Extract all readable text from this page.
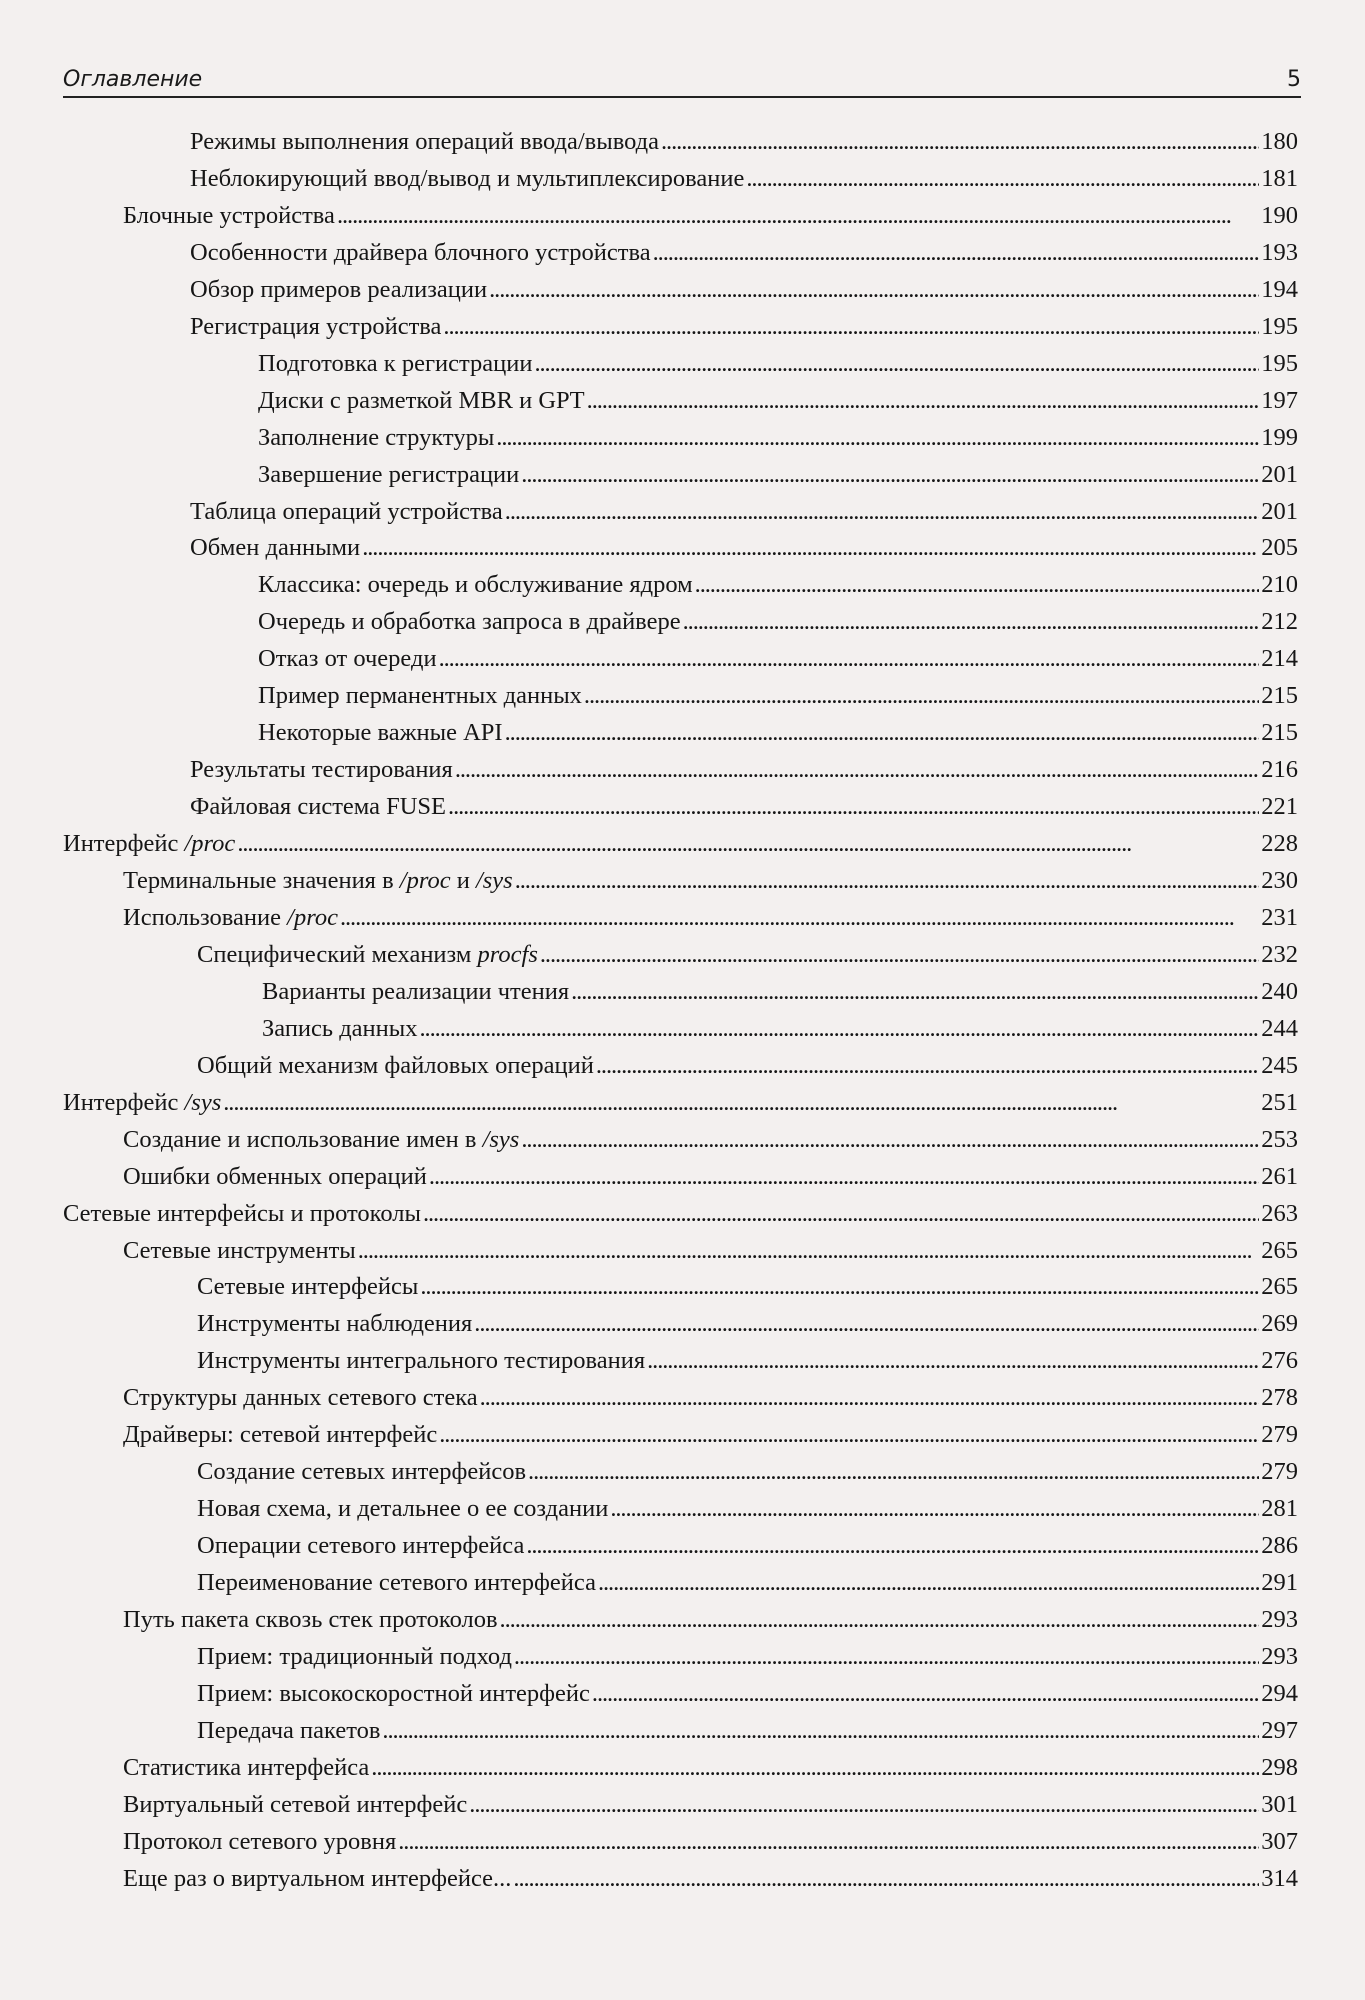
Оглавление	5
Режимы выполнения операций ввода/вывода . . .	180
Неблокирующий ввод/вывод и мультиплексирование . . .	181
Блочные устройства . . .	190
Особенности драйвера блочного устройства . . .	193
Обзор примеров реализации . . .	194
Регистрация устройства . . .	195
Подготовка к регистрации . . .	195
Диски с разметкой MBR и GPT . . .	197
Заполнение структуры . . .	199
Завершение регистрации . . .	201
Таблица операций устройства . . .	201
Обмен данными . . .	205
Классика: очередь и обслуживание ядром . . .	210
Очередь и обработка запроса в драйвере . . .	212
Отказ от очереди . . .	214
Пример перманентных данных . . .	215
Некоторые важные API . . .	215
Результаты тестирования . . .	216
Файловая система FUSE . . .	221
Интерфейс /proc . . .	228
Терминальные значения в /proc и /sys . . .	230
Использование /proc . . .	231
Специфический механизм procfs . . .	232
Варианты реализации чтения . . .	240
Запись данных . . .	244
Общий механизм файловых операций . . .	245
Интерфейс /sys . . .	251
Создание и использование имен в /sys . . .	253
Ошибки обменных операций . . .	261
Сетевые интерфейсы и протоколы . . .	263
Сетевые инструменты . . .	265
Сетевые интерфейсы . . .	265
Инструменты наблюдения . . .	269
Инструменты интегрального тестирования . . .	276
Структуры данных сетевого стека . . .	278
Драйверы: сетевой интерфейс . . .	279
Создание сетевых интерфейсов . . .	279
Новая схема, и детальнее о ее создании . . .	281
Операции сетевого интерфейса . . .	286
Переименование сетевого интерфейса . . .	291
Путь пакета сквозь стек протоколов . . .	293
Прием: традиционный подход . . .	293
Прием: высокоскоростной интерфейс . . .	294
Передача пакетов . . .	297
Статистика интерфейса . . .	298
Виртуальный сетевой интерфейс . . .	301
Протокол сетевого уровня . . .	307
Еще раз о виртуальном интерфейсе... . . .	314
